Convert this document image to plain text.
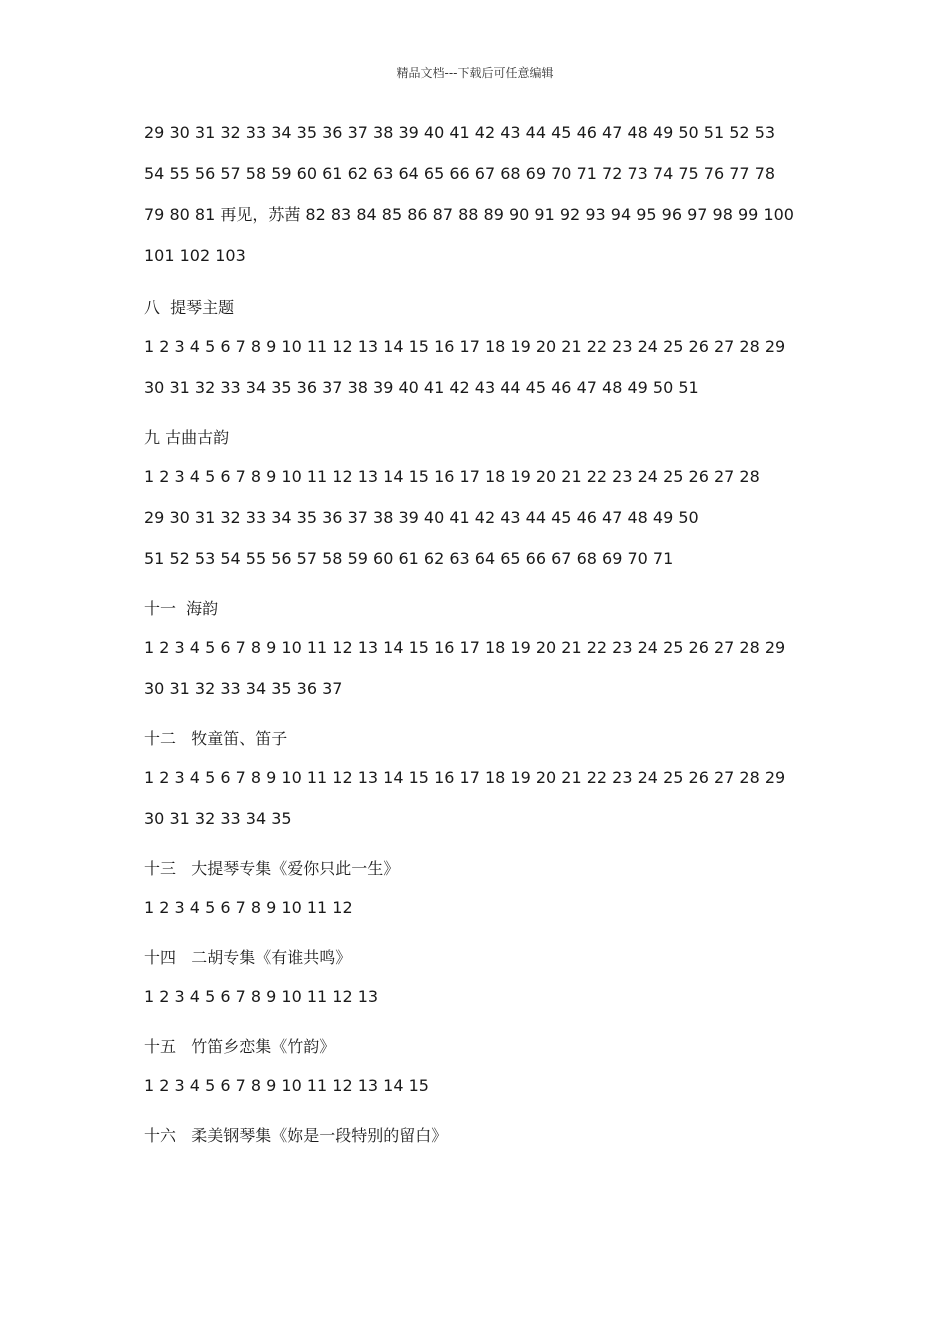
精品文档---下载后可任意编辑

29 30 31 32 33 34 35 36 37 38 39 40 41 42 43 44 45 46 47 48 49 50 51 52 53

54 55 56 57 58 59 60 61 62 63 64 65 66 67 68 69 70 71 72 73 74 75 76 77 78

79 80 81 再见，苏茜 82 83 84 85 86 87 88 89 90 91 92 93 94 95 96 97 98 99 100

101 102 103

八  提琴主题

1 2 3 4 5 6 7 8 9 10 11 12 13 14 15 16 17 18 19 20 21 22 23 24 25 26 27 28 29

30 31 32 33 34 35 36 37 38 39 40 41 42 43 44 45 46 47 48 49 50 51

九 古曲古韵

1 2 3 4 5 6 7 8 9 10 11 12 13 14 15 16 17 18 19 20 21 22 23 24 25 26 27 28

29 30 31 32 33 34 35 36 37 38 39 40 41 42 43 44 45 46 47 48 49 50

51 52 53 54 55 56 57 58 59 60 61 62 63 64 65 66 67 68 69 70 71

十一  海韵

1 2 3 4 5 6 7 8 9 10 11 12 13 14 15 16 17 18 19 20 21 22 23 24 25 26 27 28 29

30 31 32 33 34 35 36 37

十二   牧童笛、笛子

1 2 3 4 5 6 7 8 9 10 11 12 13 14 15 16 17 18 19 20 21 22 23 24 25 26 27 28 29

30 31 32 33 34 35

十三   大提琴专集《爱你只此一生》

1 2 3 4 5 6 7 8 9 10 11 12

十四   二胡专集《有谁共鸣》

1 2 3 4 5 6 7 8 9 10 11 12 13

十五   竹笛乡恋集《竹韵》

1 2 3 4 5 6 7 8 9 10 11 12 13 14 15

十六   柔美钢琴集《妳是一段特别的留白》
